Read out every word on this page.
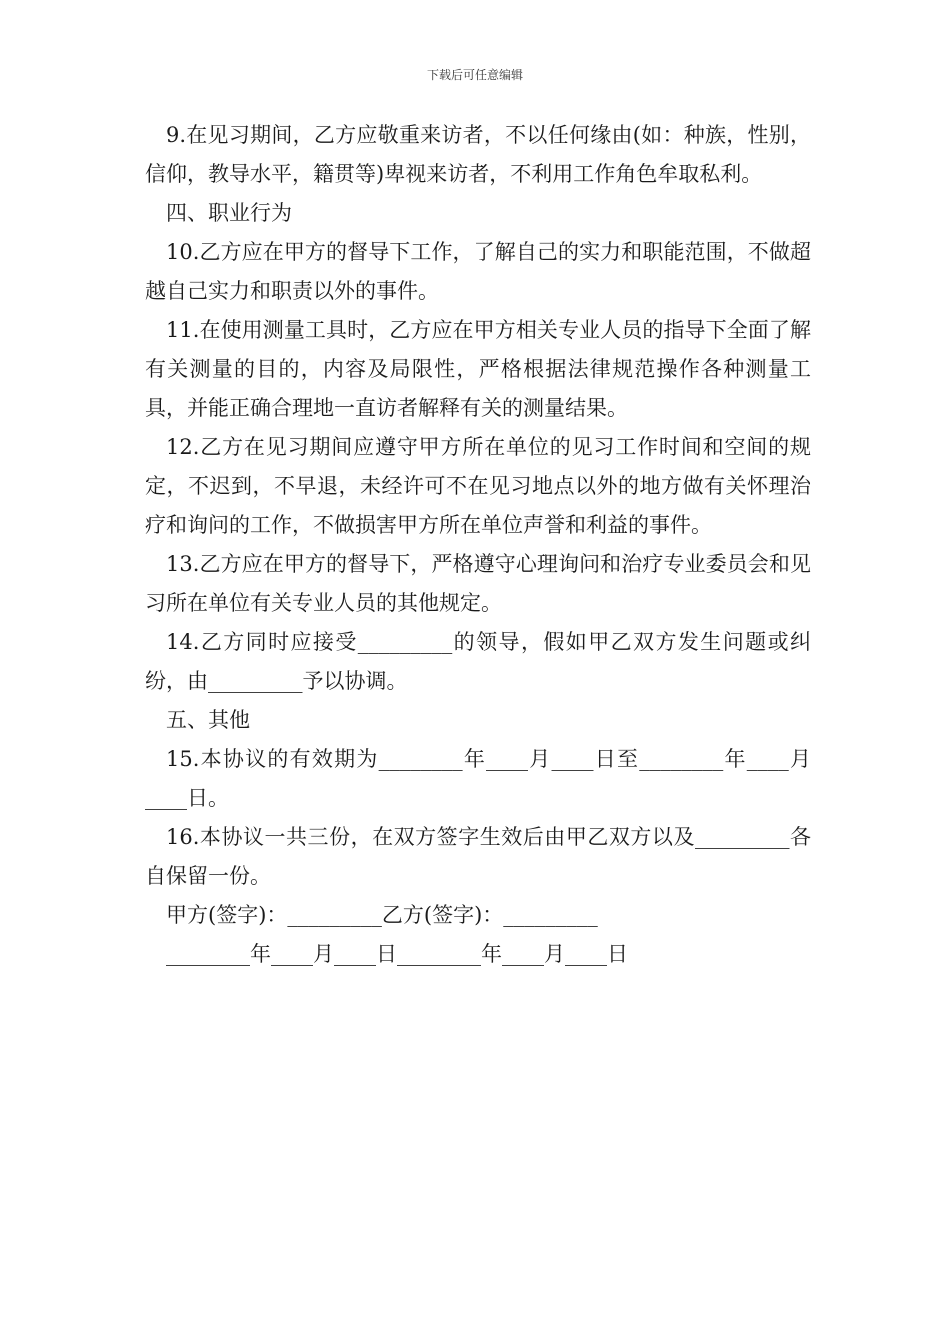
下载后可任意编辑

9.在见习期间，乙方应敬重来访者，不以任何缘由(如：种族，性别，信仰，教导水平，籍贯等)卑视来访者，不利用工作角色牟取私利。

四、职业行为

10.乙方应在甲方的督导下工作，了解自己的实力和职能范围，不做超越自己实力和职责以外的事件。

11.在使用测量工具时，乙方应在甲方相关专业人员的指导下全面了解有关测量的目的，内容及局限性，严格根据法律规范操作各种测量工具，并能正确合理地一直访者解释有关的测量结果。

12.乙方在见习期间应遵守甲方所在单位的见习工作时间和空间的规定，不迟到，不早退，未经许可不在见习地点以外的地方做有关怀理治疗和询问的工作，不做损害甲方所在单位声誉和利益的事件。

13.乙方应在甲方的督导下，严格遵守心理询问和治疗专业委员会和见习所在单位有关专业人员的其他规定。

14.乙方同时应接受_________的领导，假如甲乙双方发生问题或纠纷，由_________予以协调。

五、其他

15.本协议的有效期为________年____月____日至________年____月____日。

16.本协议一共三份，在双方签字生效后由甲乙双方以及_________各自保留一份。

甲方(签字)：_________乙方(签字)：_________

________年____月____日________年____月____日
